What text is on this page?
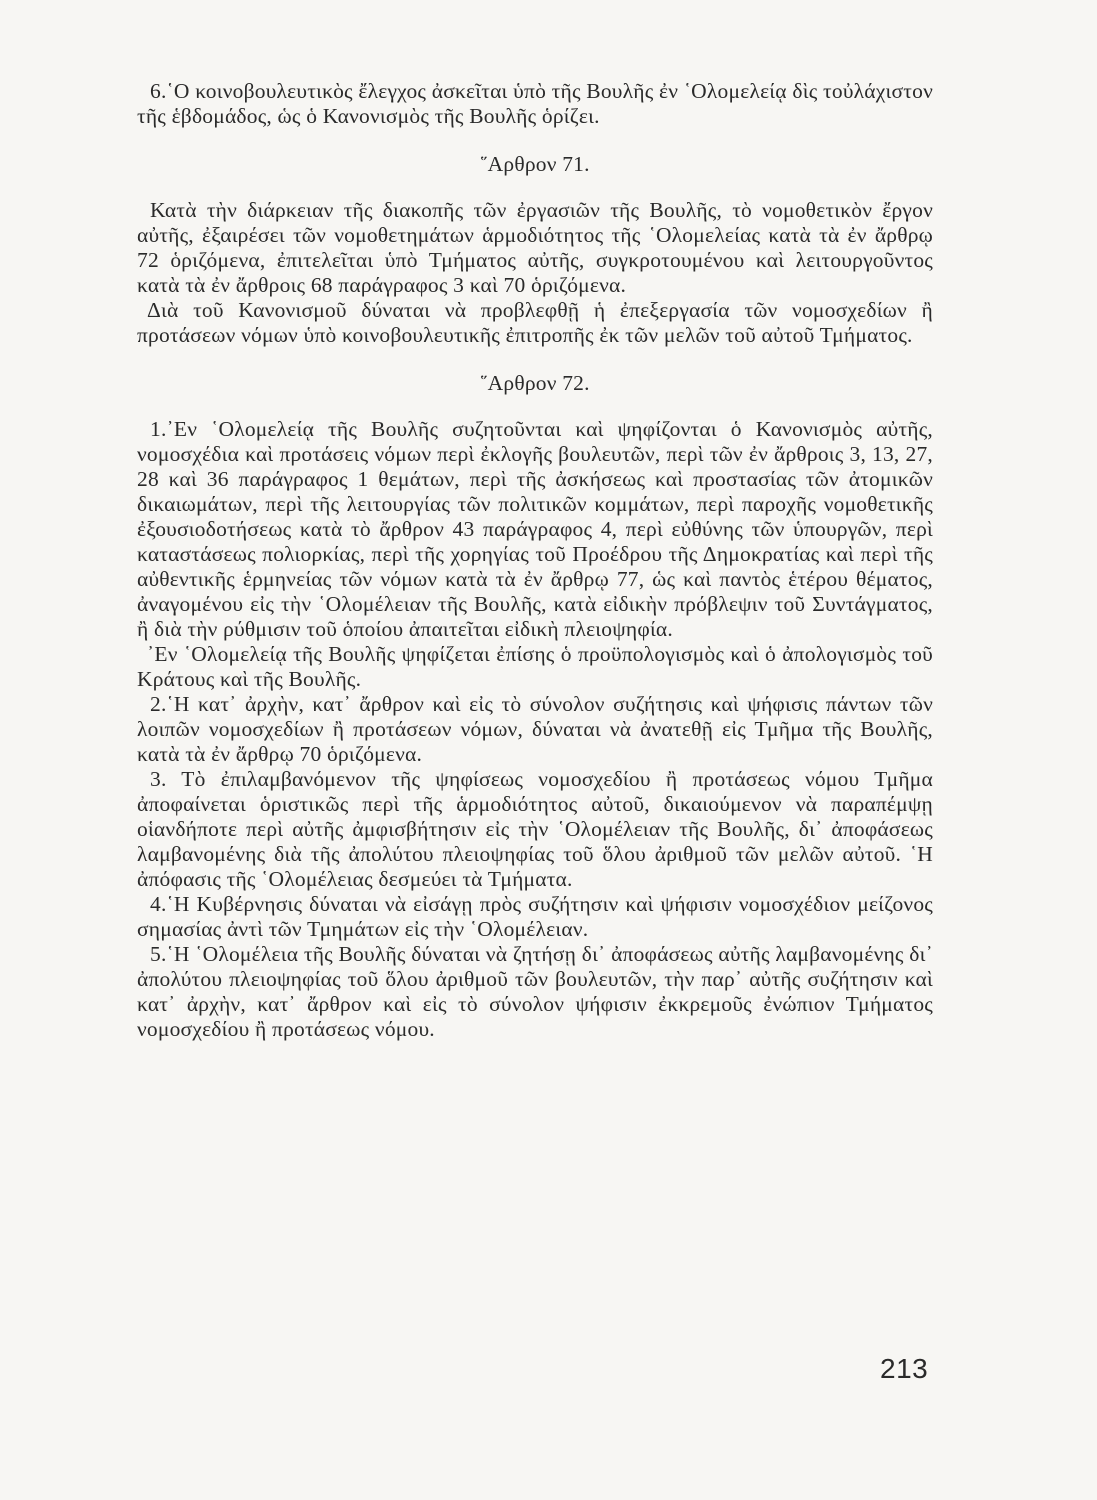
6.῾Ο κοινοβουλευτικὸς ἔλεγχος ἀσκεῖται ὑπὸ τῆς Βουλῆς ἐν ῾Ολομελείᾳ δὶς τοὐλάχιστον τῆς ἑβδομάδος, ὡς ὁ Κανονισμὸς τῆς Βουλῆς ὁρίζει.

῞Αρθρον 71.

Κατὰ τὴν διάρκειαν τῆς διακοπῆς τῶν ἐργασιῶν τῆς Βουλῆς, τὸ νομοθετικὸν ἔργον αὐτῆς, ἐξαιρέσει τῶν νομοθετημάτων ἁρμοδιότητος τῆς ῾Ολομελείας κατὰ τὰ ἐν ἄρθρῳ 72 ὁριζόμενα, ἐπιτελεῖται ὑπὸ Τμήματος αὐτῆς, συγκροτουμένου καὶ λειτουργοῦντος κατὰ τὰ ἐν ἄρθροις 68 παράγραφος 3 καὶ 70 ὁριζόμενα.

Διὰ τοῦ Κανονισμοῦ δύναται νὰ προβλεφθῇ ἡ ἐπεξεργασία τῶν νομοσχεδίων ἢ προτάσεων νόμων ὑπὸ κοινοβουλευτικῆς ἐπιτροπῆς ἐκ τῶν μελῶν τοῦ αὐτοῦ Τμήματος.

῞Αρθρον 72.

1.᾿Εν ῾Ολομελείᾳ τῆς Βουλῆς συζητοῦνται καὶ ψηφίζονται ὁ Κανονισμὸς αὐτῆς, νομοσχέδια καὶ προτάσεις νόμων περὶ ἐκλογῆς βουλευτῶν, περὶ τῶν ἐν ἄρθροις 3, 13, 27, 28 καὶ 36 παράγραφος 1 θεμάτων, περὶ τῆς ἀσκήσεως καὶ προστασίας τῶν ἀτομικῶν δικαιωμάτων, περὶ τῆς λειτουργίας τῶν πολιτικῶν κομμάτων, περὶ παροχῆς νομοθετικῆς ἐξουσιοδοτήσεως κατὰ τὸ ἄρθρον 43 παράγραφος 4, περὶ εὐθύνης τῶν ὑπουργῶν, περὶ καταστάσεως πολιορκίας, περὶ τῆς χορηγίας τοῦ Προέδρου τῆς Δημοκρατίας καὶ περὶ τῆς αὐθεντικῆς ἑρμηνείας τῶν νόμων κατὰ τὰ ἐν ἄρθρῳ 77, ὡς καὶ παντὸς ἑτέρου θέματος, ἀναγομένου εἰς τὴν ῾Ολομέλειαν τῆς Βουλῆς, κατὰ εἰδικὴν πρόβλεψιν τοῦ Συντάγματος, ἢ διὰ τὴν ρύθμισιν τοῦ ὁποίου ἀπαιτεῖται εἰδικὴ πλειοψηφία.

᾿Εν ῾Ολομελείᾳ τῆς Βουλῆς ψηφίζεται ἐπίσης ὁ προϋπολογισμὸς καὶ ὁ ἀπολογισμὸς τοῦ Κράτους καὶ τῆς Βουλῆς.

2.῾Η κατ᾿ ἀρχὴν, κατ᾿ ἄρθρον καὶ εἰς τὸ σύνολον συζήτησις καὶ ψήφισις πάντων τῶν λοιπῶν νομοσχεδίων ἢ προτάσεων νόμων, δύναται νὰ ἀνατεθῇ εἰς Τμῆμα τῆς Βουλῆς, κατὰ τὰ ἐν ἄρθρῳ 70 ὁριζόμενα.

3. Τὸ ἐπιλαμβανόμενον τῆς ψηφίσεως νομοσχεδίου ἢ προτάσεως νόμου Τμῆμα ἀποφαίνεται ὁριστικῶς περὶ τῆς ἁρμοδιότητος αὐτοῦ, δικαιούμενον νὰ παραπέμψῃ οἱανδήποτε περὶ αὐτῆς ἀμφισβήτησιν εἰς τὴν ῾Ολομέλειαν τῆς Βουλῆς, δι᾿ ἀποφάσεως λαμβανομένης διὰ τῆς ἀπολύτου πλειοψηφίας τοῦ ὅλου ἀριθμοῦ τῶν μελῶν αὐτοῦ. ῾Η ἀπόφασις τῆς ῾Ολομέλειας δεσμεύει τὰ Τμήματα.

4.῾Η Κυβέρνησις δύναται νὰ εἰσάγῃ πρὸς συζήτησιν καὶ ψήφισιν νομοσχέδιον μείζονος σημασίας ἀντὶ τῶν Τμημάτων εἰς τὴν ῾Ολομέλειαν.

5.῾Η ῾Ολομέλεια τῆς Βουλῆς δύναται νὰ ζητήσῃ δι᾿ ἀποφάσεως αὐτῆς λαμβανομένης δι᾿ ἀπολύτου πλειοψηφίας τοῦ ὅλου ἀριθμοῦ τῶν βουλευτῶν, τὴν παρ᾿ αὐτῆς συζήτησιν καὶ κατ᾿ ἀρχὴν, κατ᾿ ἄρθρον καὶ εἰς τὸ σύνολον ψήφισιν ἐκκρεμοῦς ἐνώπιον Τμήματος νομοσχεδίου ἢ προτάσεως νόμου.

213
